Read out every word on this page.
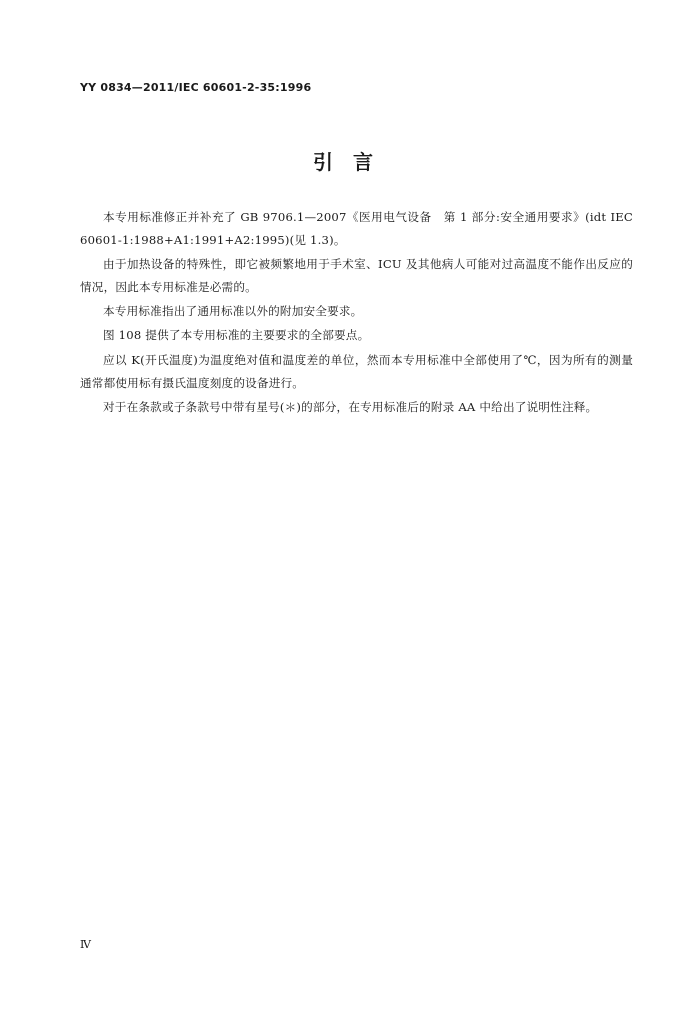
YY 0834—2011/IEC 60601-2-35:1996
引　言

本专用标准修正并补充了 GB 9706.1—2007《医用电气设备　第 1 部分:安全通用要求》(idt IEC 60601-1:1988+A1:1991+A2:1995)(见 1.3)。

由于加热设备的特殊性，即它被频繁地用于手术室、ICU 及其他病人可能对过高温度不能作出反应的情况，因此本专用标准是必需的。

本专用标准指出了通用标准以外的附加安全要求。

图 108 提供了本专用标准的主要要求的全部要点。

应以 K(开氏温度)为温度绝对值和温度差的单位，然而本专用标准中全部使用了℃，因为所有的测量通常都使用标有摄氏温度刻度的设备进行。

对于在条款或子条款号中带有星号(＊)的部分，在专用标准后的附录 AA 中给出了说明性注释。

Ⅳ
